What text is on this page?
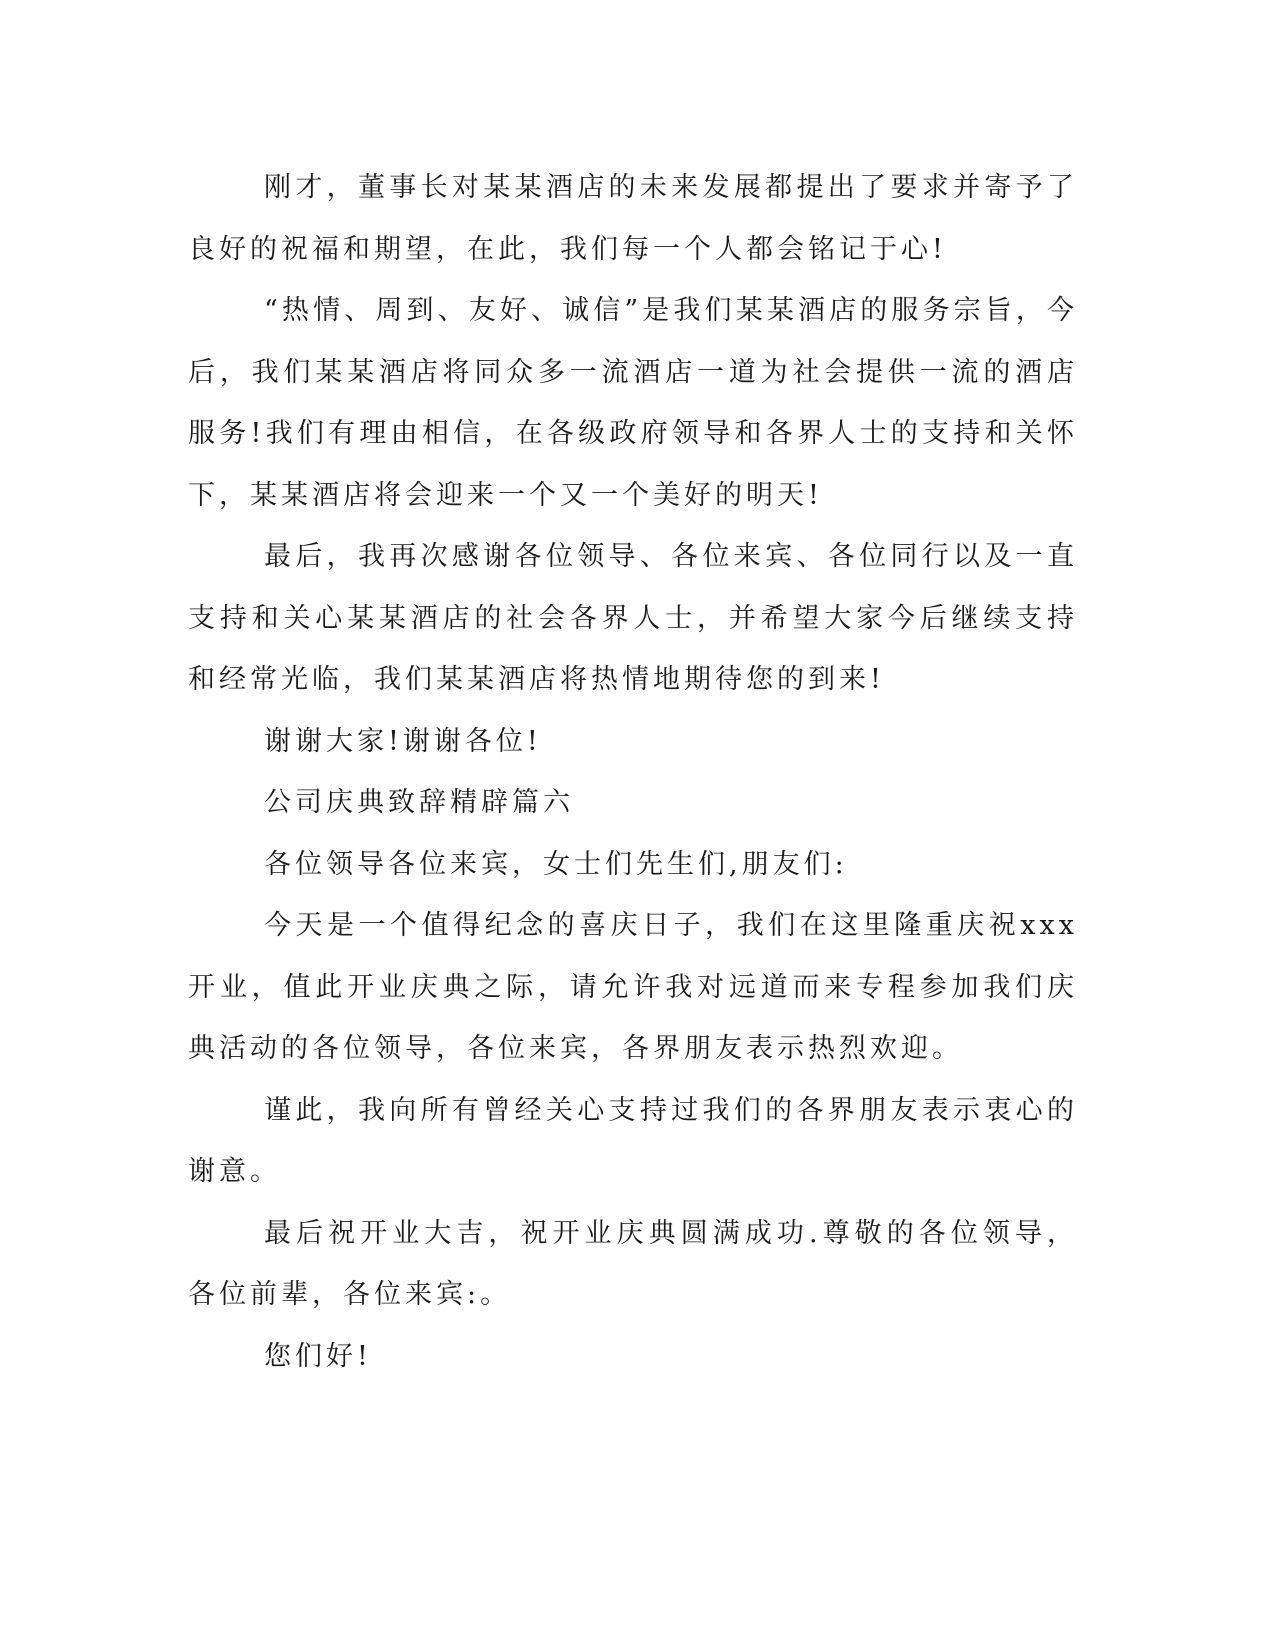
刚才，董事长对某某酒店的未来发展都提出了要求并寄予了良好的祝福和期望，在此，我们每一个人都会铭记于心!

“热情、周到、友好、诚信”是我们某某酒店的服务宗旨，今后，我们某某酒店将同众多一流酒店一道为社会提供一流的酒店服务!我们有理由相信，在各级政府领导和各界人士的支持和关怀下，某某酒店将会迎来一个又一个美好的明天!

最后，我再次感谢各位领导、各位来宾、各位同行以及一直支持和关心某某酒店的社会各界人士，并希望大家今后继续支持和经常光临，我们某某酒店将热情地期待您的到来!

谢谢大家!谢谢各位!

公司庆典致辞精辟篇六

各位领导各位来宾，女士们先生们,朋友们:

今天是一个值得纪念的喜庆日子，我们在这里隆重庆祝xxx开业，值此开业庆典之际，请允许我对远道而来专程参加我们庆典活动的各位领导，各位来宾，各界朋友表示热烈欢迎。

谨此，我向所有曾经关心支持过我们的各界朋友表示衷心的谢意。

最后祝开业大吉，祝开业庆典圆满成功.尊敬的各位领导，各位前辈，各位来宾:。

您们好!
